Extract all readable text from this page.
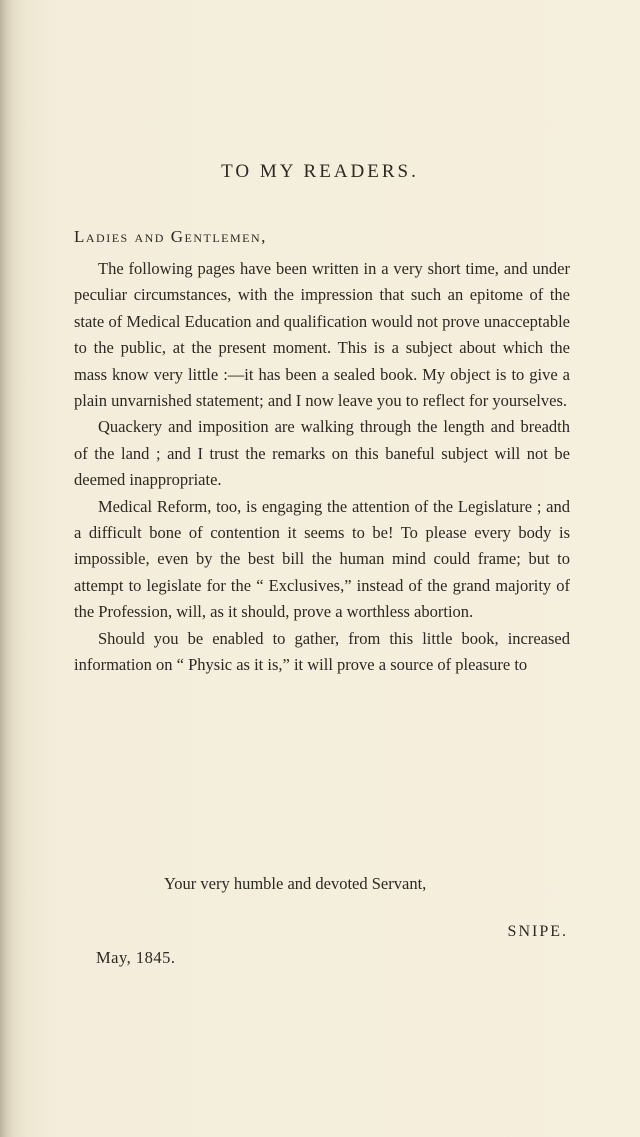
TO MY READERS.
Ladies and Gentlemen,

The following pages have been written in a very short time, and under peculiar circumstances, with the impression that such an epitome of the state of Medical Education and qualification would not prove unacceptable to the public, at the present moment. This is a subject about which the mass know very little :—it has been a sealed book. My object is to give a plain unvarnished statement; and I now leave you to reflect for yourselves.

Quackery and imposition are walking through the length and breadth of the land ; and I trust the remarks on this baneful subject will not be deemed inappropriate.

Medical Reform, too, is engaging the attention of the Legislature ; and a difficult bone of contention it seems to be! To please every body is impossible, even by the best bill the human mind could frame; but to attempt to legislate for the “ Exclusives,” instead of the grand majority of the Profession, will, as it should, prove a worthless abortion.

Should you be enabled to gather, from this little book, increased information on “ Physic as it is,” it will prove a source of pleasure to

Your very humble and devoted Servant,
SNIPE.
May, 1845.
